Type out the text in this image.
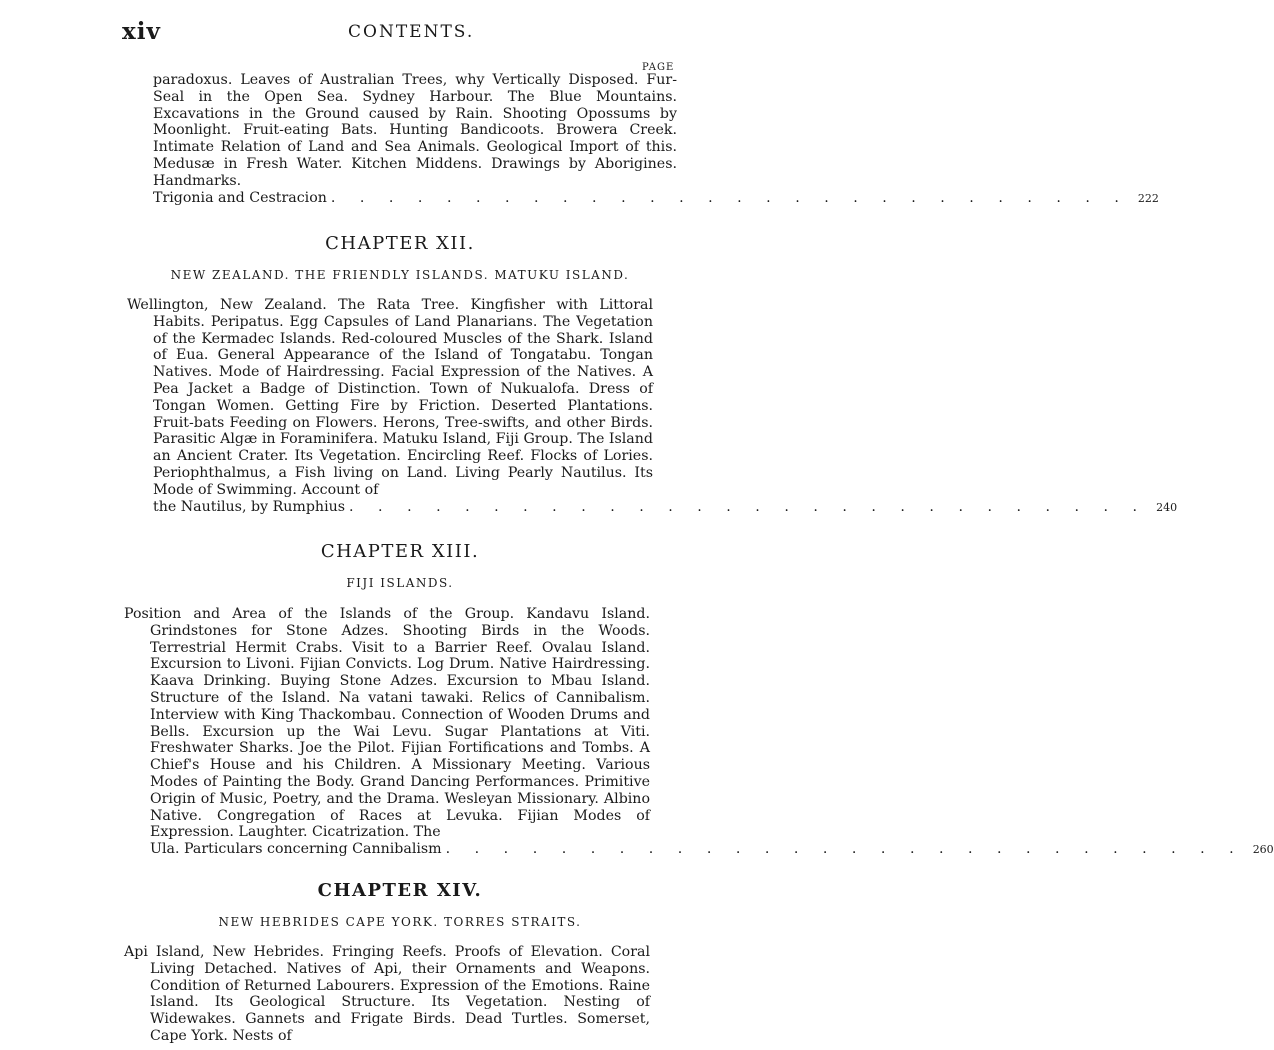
xiv	CONTENTS.
PAGE

paradoxus. Leaves of Australian Trees, why Vertically Disposed. Fur-Seal in the Open Sea. Sydney Harbour. The Blue Mountains. Excavations in the Ground caused by Rain. Shooting Opossums by Moonlight. Fruit-eating Bats. Hunting Bandicoots. Browera Creek. Intimate Relation of Land and Sea Animals. Geological Import of this. Medusæ in Fresh Water. Kitchen Middens. Drawings by Aborigines. Handmarks.

Trigonia and Cestracion . . . . . . . . . . . . . . . . . . . . . . . . . . . . 222
CHAPTER XII.
NEW ZEALAND. THE FRIENDLY ISLANDS. MATUKU ISLAND.

Wellington, New Zealand. The Rata Tree. Kingfisher with Littoral Habits. Peripatus. Egg Capsules of Land Planarians. The Vegetation of the Kermadec Islands. Red-coloured Muscles of the Shark. Island of Eua. General Appearance of the Island of Tongatabu. Tongan Natives. Mode of Hairdressing. Facial Expression of the Natives. A Pea Jacket a Badge of Distinction. Town of Nukualofa. Dress of Tongan Women. Getting Fire by Friction. Deserted Plantations. Fruit-bats Feeding on Flowers. Herons, Tree-swifts, and other Birds. Parasitic Algæ in Foraminifera. Matuku Island, Fiji Group. The Island an Ancient Crater. Its Vegetation. Encircling Reef. Flocks of Lories. Periophthalmus, a Fish living on Land. Living Pearly Nautilus. Its Mode of Swimming. Account of

the Nautilus, by Rumphius . . . . . . . . . . . . . . . . . . . . . . . . . . . . 240
CHAPTER XIII.
FIJI ISLANDS.

Position and Area of the Islands of the Group. Kandavu Island. Grindstones for Stone Adzes. Shooting Birds in the Woods. Terrestrial Hermit Crabs. Visit to a Barrier Reef. Ovalau Island. Excursion to Livoni. Fijian Convicts. Log Drum. Native Hairdressing. Kaava Drinking. Buying Stone Adzes. Excursion to Mbau Island. Structure of the Island. Na vatani tawaki. Relics of Cannibalism. Interview with King Thackombau. Connection of Wooden Drums and Bells. Excursion up the Wai Levu. Sugar Plantations at Viti. Freshwater Sharks. Joe the Pilot. Fijian Fortifications and Tombs. A Chief's House and his Children. A Missionary Meeting. Various Modes of Painting the Body. Grand Dancing Performances. Primitive Origin of Music, Poetry, and the Drama. Wesleyan Missionary. Albino Native. Congregation of Races at Levuka. Fijian Modes of Expression. Laughter. Cicatrization. The

Ula. Particulars concerning Cannibalism . . . . . . . . . . . . . . . . . . . . . . . . . . . . 260
CHAPTER XIV.
NEW HEBRIDES CAPE YORK. TORRES STRAITS.

Api Island, New Hebrides. Fringing Reefs. Proofs of Elevation. Coral Living Detached. Natives of Api, their Ornaments and Weapons. Condition of Returned Labourers. Expression of the Emotions. Raine Island. Its Geological Structure. Its Vegetation. Nesting of Widewakes. Gannets and Frigate Birds. Dead Turtles. Somerset, Cape York. Nests of
